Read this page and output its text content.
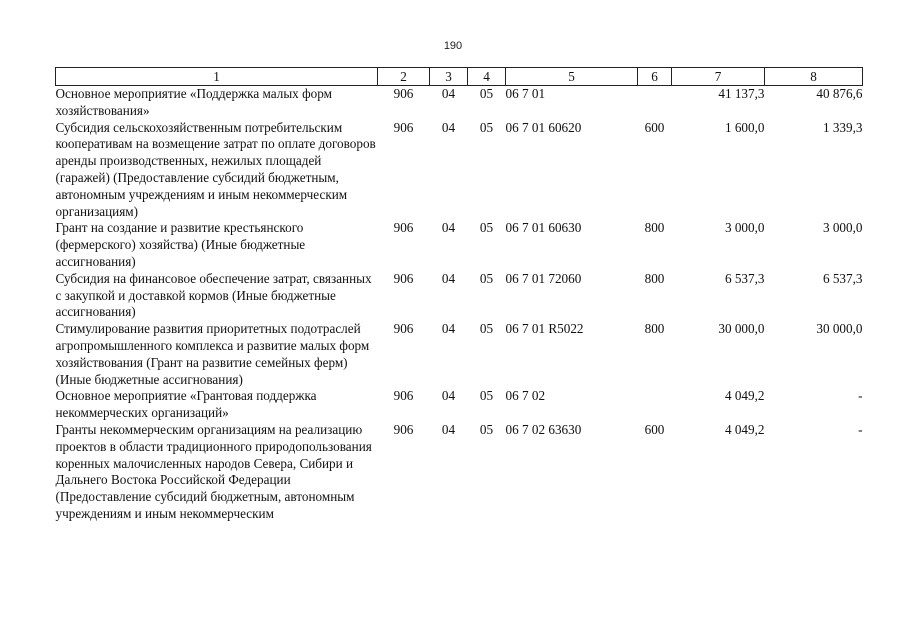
190
1	2	3	4	5	6	7	8
Основное мероприятие «Поддержка малых форм хозяйствования»	906	04	05	06 7 01		41 137,3	40 876,6
Субсидия сельскохозяйственным потребительским кооперативам на возмещение затрат по оплате договоров аренды производственных, нежилых площадей (гаражей) (Предоставление субсидий бюджетным, автономным учреждениям и иным некоммерческим организациям)	906	04	05	06 7 01 60620	600	1 600,0	1 339,3
Грант на создание и развитие крестьянского (фермерского) хозяйства) (Иные бюджетные ассигнования)	906	04	05	06 7 01 60630	800	3 000,0	3 000,0
Субсидия на финансовое обеспечение затрат, связанных с закупкой и доставкой кормов (Иные бюджетные ассигнования)	906	04	05	06 7 01 72060	800	6 537,3	6 537,3
Стимулирование развития приоритетных подотраслей агропромышленного комплекса и развитие малых форм хозяйствования (Грант на развитие семейных ферм) (Иные бюджетные ассигнования)	906	04	05	06 7 01 R5022	800	30 000,0	30 000,0
Основное мероприятие «Грантовая поддержка некоммерческих организаций»	906	04	05	06 7 02		4 049,2	-
Гранты некоммерческим организациям на реализацию проектов в области традиционного природопользования коренных малочисленных народов Севера, Сибири и Дальнего Востока Российской Федерации (Предоставление субсидий бюджетным, автономным учреждениям и иным некоммерческим	906	04	05	06 7 02 63630	600	4 049,2	-
